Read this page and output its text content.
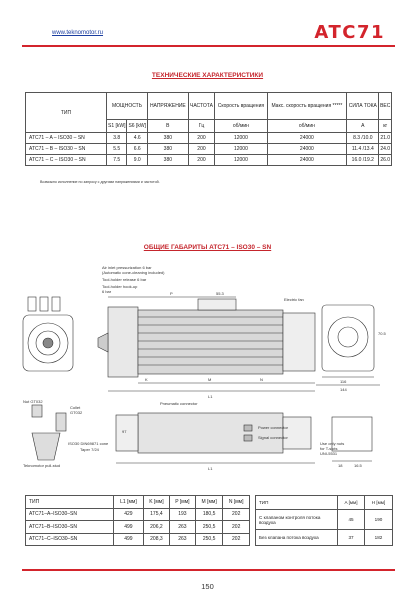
www.teknomotor.ru	ATC71
ТЕХНИЧЕСКИЕ ХАРАКТЕРИСТИКИ
ТИП	МОЩНОСТЬ		НАПРЯЖЕНИЕ	ЧАСТОТА	Скорость вращения	Макс. скорость вращения *****	СИЛА ТОКА	ВЕС
	S1 [kW]	S6 [kW]	В	Гц	об/мин	об/мин	A	кг
ATC71 – A – ISO30 – SN	3.8	4.6	380	200	12000	24000	8.3 /10.0	21.0
ATC71 – B – ISO30 – SN	5.5	6.6	380	200	12000	24000	11.4 /13.4	24.0
ATC71 – C – ISO30 – SN	7.5	9.0	380	200	12000	24000	16.0 /19.2	26.0
Возможно исполнение по запросу с другими напряжениями и частотой.
ОБЩИЕ ГАБАРИТЫ ATC71 – ISO30 – SN
Air inlet pressurization 6 bar
(Automatic cone-cleaning included)
Tool-holder release 6 bar
Tool-holder hook-up
6 bar
Electric fan
P	55.3
K	M	N
L1
116
144
70.5
Pneumatic connector
Power connector
Signal connector
97
L1
Nut GT032
Collet
GT032
ISO30 DIN69871 cone
Taper 7/24
Teknomotor pull-stud
Use only nuts
for T-slots
UNI-5531
18	16.5
ТИП	L1 [мм]	K [мм]	P [мм]	M [мм]	N [мм]
ATC71–A–ISO30–SN	429	175,4	193	180,5	202
ATC71–B–ISO30–SN	499	206,2	263	250,5	202
ATC71–C–ISO30–SN	499	208,3	263	250,5	202
ТИП	A [мм]	H [мм]
С клапаном контроля потока воздуха	45	190
Без клапана потока воздуха	37	182
150
